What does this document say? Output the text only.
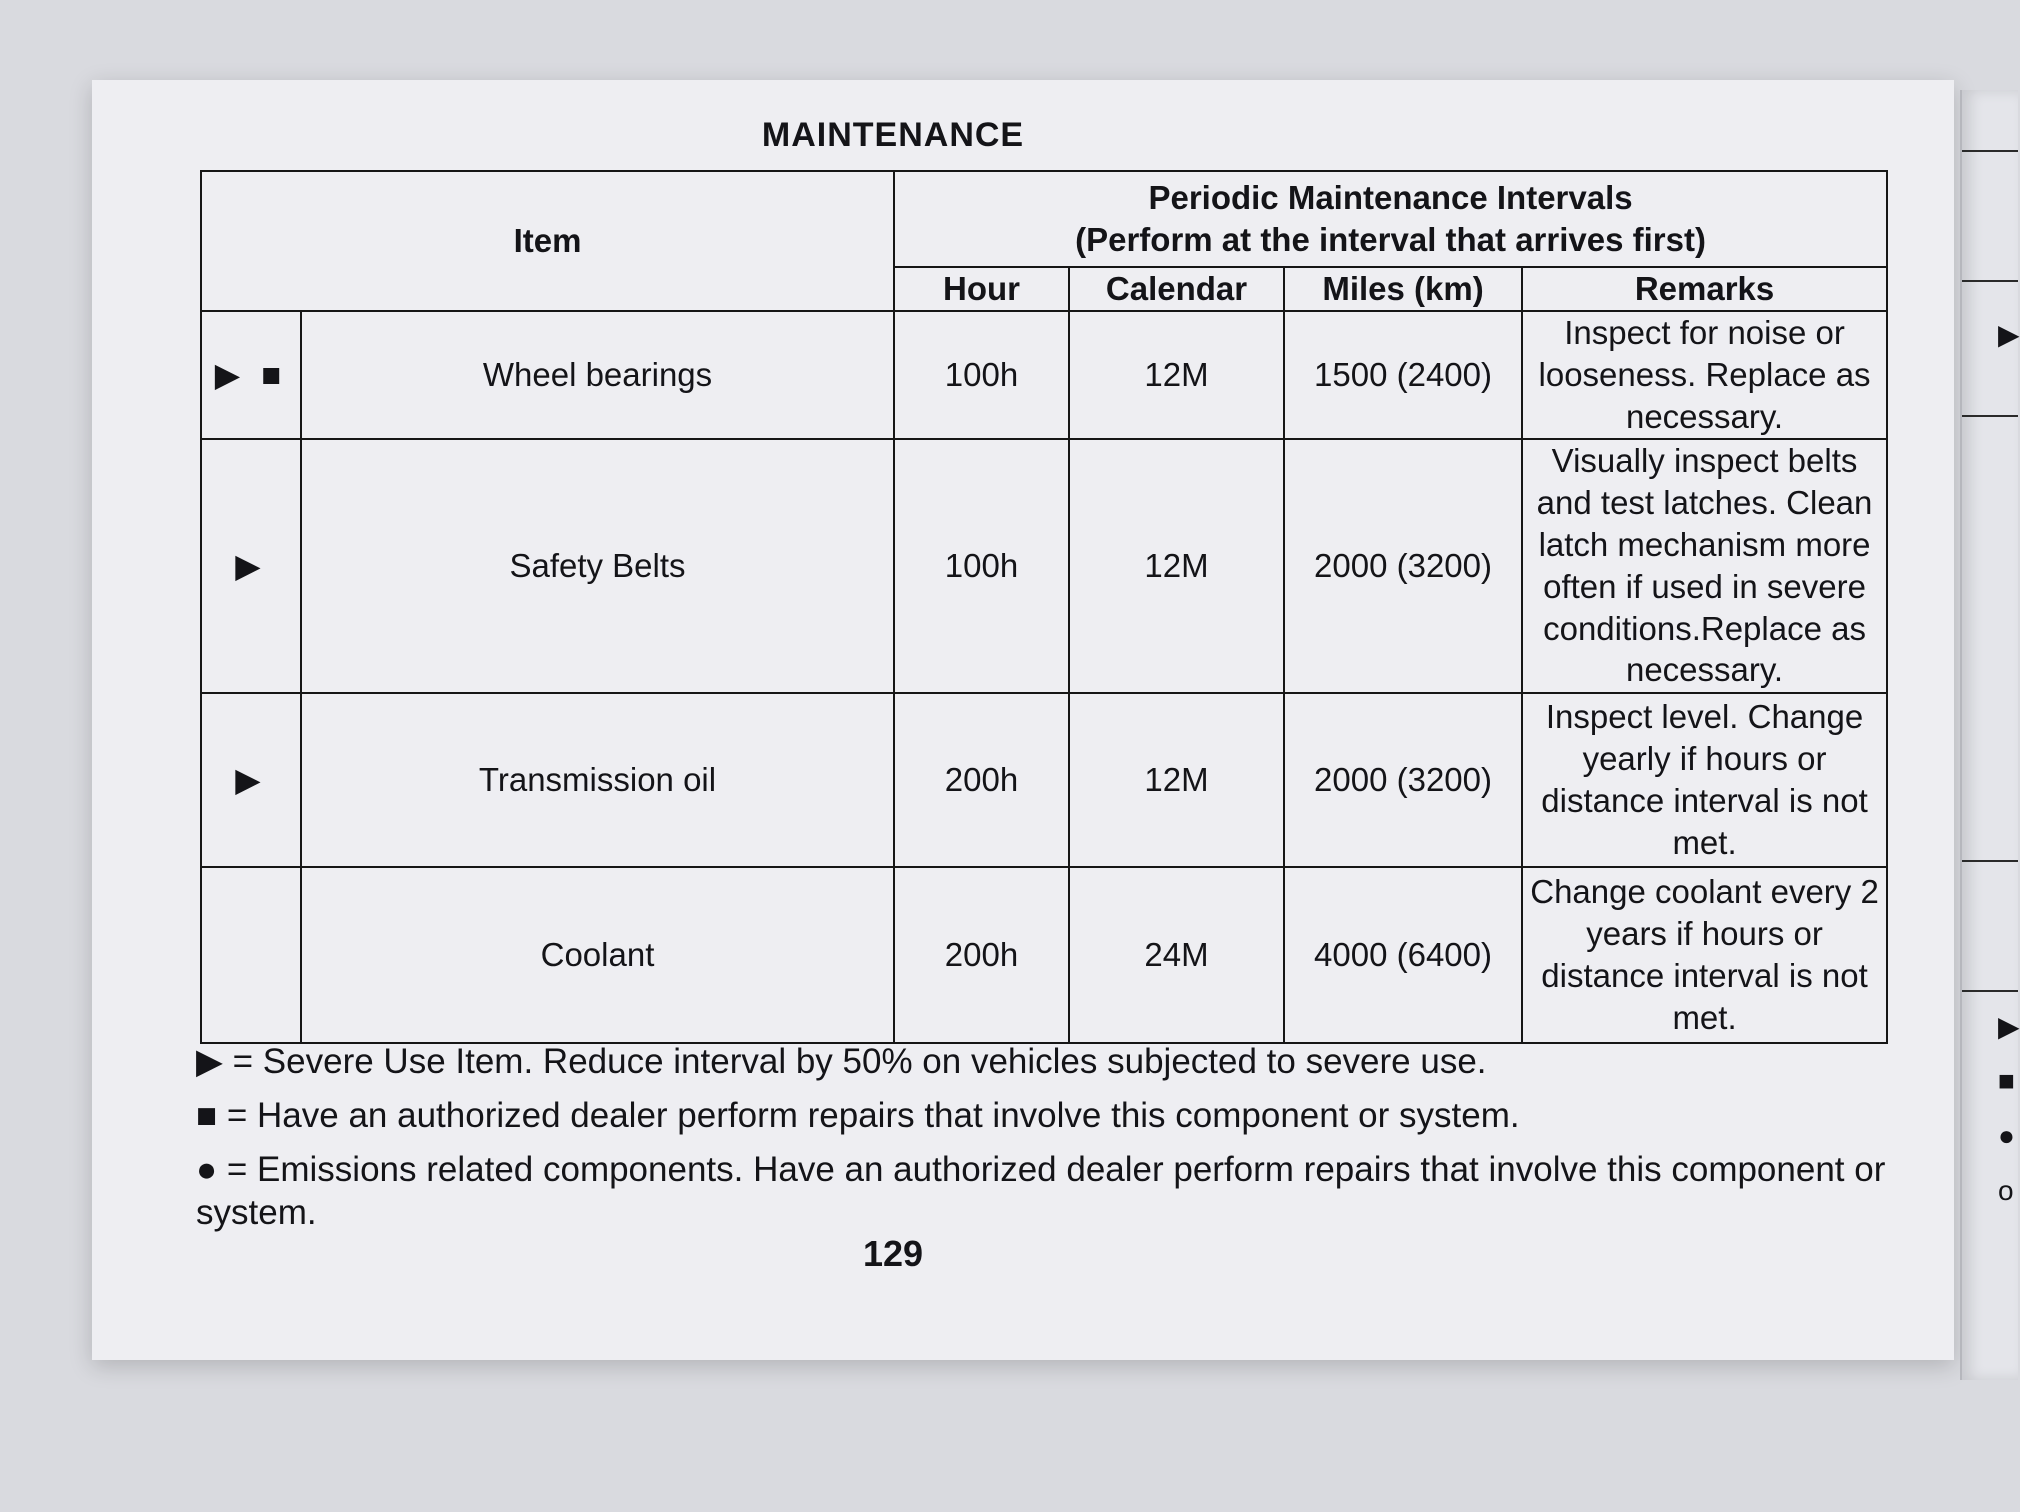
MAINTENANCE
Item		Periodic Maintenance Intervals
(Perform at the interval that arrives first)			

		Hour	Calendar	Miles (km)	Remarks
▶ ■	Wheel bearings	100h	12M	1500 (2400)	Inspect for noise or looseness. Replace as necessary.
▶	Safety Belts	100h	12M	2000 (3200)	Visually inspect belts and test latches. Clean latch mechanism more often if used in severe conditions.Replace as necessary.
▶	Transmission oil	200h	12M	2000 (3200)	Inspect level. Change yearly if hours or distance interval is not met.
	Coolant	200h	24M	4000 (6400)	Change coolant every 2 years if hours or distance interval is not met.
▶ = Severe Use Item. Reduce interval by 50% on vehicles subjected to severe use.
■ = Have an authorized dealer perform repairs that involve this component or system.
● = Emissions related components. Have an authorized dealer perform repairs that involve this component or system.
129
▶
▶
■
●
o
